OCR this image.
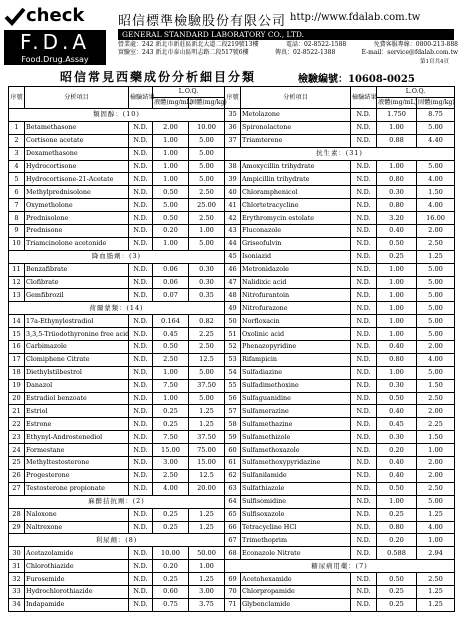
check
F.D.A
Food.Drug.Assay
昭信標準檢驗股份有限公司 http://www.fdalab.com.tw
GENERAL STANDARD LABORATORY CO., LTD.
營業處：242 新北市新莊區新北大道二段219號13樓	電話：02-8522-1588	免費客服專線：0800-213-888
實驗室：243 新北市泰山區明志路二段517號6樓	傳真：02-8522-1388	E-mail：service@fdalab.com.tw
第1頁共4頁
昭信常見西藥成份分析細目分類	檢驗編號：10608-0025
序號	分析項目	檢驗結果	L.O.Q.	
			液體(mg/mL)	固體(mg/kg)
類固醇：(10)				
1	Betamethasone	N.D.	2.00	10.00
2	Cortisone acetate	N.D.	1.00	5.00
3	Dexamethasone	N.D.	1.00	5.00
4	Hydrocortisone	N.D.	1.00	5.00
5	Hydrocortisone-21-Acetate	N.D.	1.00	5.00
6	Methylprednisolone	N.D.	0.50	2.50
7	Oxymetholone	N.D.	5.00	25.00
8	Prednisolone	N.D.	0.50	2.50
9	Prednisone	N.D.	0.20	1.00
10	Triamcinolone acetonide	N.D.	1.00	5.00
降血脂劑：(3)				
11	Benzafibrate	N.D.	0.06	0.30
12	Clofibrate	N.D.	0.06	0.30
13	Gemfibrozil	N.D.	0.07	0.35
荷爾蒙類：(14)				
14	17a-Ethynylestradiol	N.D.	0.164	0.82
15	3,3,5-Triiodothyronine free acid	N.D.	0.45	2.25
16	Carbimazole	N.D.	0.50	2.50
17	Clomiphene Citrate	N.D.	2.50	12.5
18	Diethylstilbestrol	N.D.	1.00	5.00
19	Danazol	N.D.	7.50	37.50
20	Estradiol benzoate	N.D.	1.00	5.00
21	Estriol	N.D.	0.25	1.25
22	Estrone	N.D.	0.25	1.25
23	Ethynyl-Androstenediol	N.D.	7.50	37.50
24	Formestane	N.D.	15.00	75.00
25	Methyltestosterone	N.D.	3.00	15.00
26	Progesterone	N.D.	2.50	12.5
27	Testosterone propionate	N.D.	4.00	20.00
麻醉拮抗劑：(2)				
28	Naloxone	N.D.	0.25	1.25
29	Naltrexone	N.D.	0.25	1.25
利尿劑：(8)				
30	Acetazolamide	N.D.	10.00	50.00
31	Chlorothiazide	N.D.	0.20	1.00
32	Furosemide	N.D.	0.25	1.25
33	Hydrochlorothiazide	N.D.	0.60	3.00
34	Indapamide	N.D.	0.75	3.75
序號	分析項目	檢驗結果	L.O.Q.	
			液體(mg/mL)	固體(mg/kg)
35	Metolazone	N.D.	1.750	8.75
36	Spironolactone	N.D.	1.00	5.00
37	Triamterene	N.D.	0.88	4.40
抗生素：(31)				
38	Amoxycillin trihydrate	N.D.	1.00	5.00
39	Ampicillin trihydrate	N.D.	0.80	4.00
40	Chloramphenicol	N.D.	0.30	1.50
41	Chlortetracycline	N.D.	0.80	4.00
42	Erythromycin estolate	N.D.	3.20	16.00
43	Fluconazole	N.D.	0.40	2.00
44	Griseofulvin	N.D.	0.50	2.50
45	Isoniazid	N.D.	0.25	1.25
46	Metronidazole	N.D.	1.00	5.00
47	Nalidixic acid	N.D.	1.00	5.00
48	Nitrofurantoin	N.D.	1.00	5.00
49	Nitrofurazone	N.D.	1.00	5.00
50	Norfloxacin	N.D.	1.00	5.00
51	Oxolinic acid	N.D.	1.00	5.00
52	Phenazopyridine	N.D.	0.40	2.00
53	Rifampicin	N.D.	0.80	4.00
54	Sulfadiazine	N.D.	1.00	5.00
55	Sulfadimethoxine	N.D.	0.30	1.50
56	Sulfaguanidine	N.D.	0.50	2.50
57	Sulfamerazine	N.D.	0.40	2.00
58	Sulfamethazine	N.D.	0.45	2.25
59	Sulfamethizole	N.D.	0.30	1.50
60	Sulfamethoxazole	N.D.	0.20	1.00
61	Sulfamethoxypyridazine	N.D.	0.40	2.00
62	Sulfanilamide	N.D.	0.40	2.00
63	Sulfathiazole	N.D.	0.50	2.50
64	Sulfisomidine	N.D.	1.00	5.00
65	Sulfisoxazole	N.D.	0.25	1.25
66	Tetracycline HCl	N.D.	0.80	4.00
67	Trimethoprim	N.D.	0.20	1.00
68	Econazole Nitrate	N.D.	0.588	2.94
糖尿病用藥：(7)				
69	Acetohexamide	N.D.	0.50	2.50
70	Chlorpropamide	N.D.	0.25	1.25
71	Glybenclamide	N.D.	0.25	1.25
